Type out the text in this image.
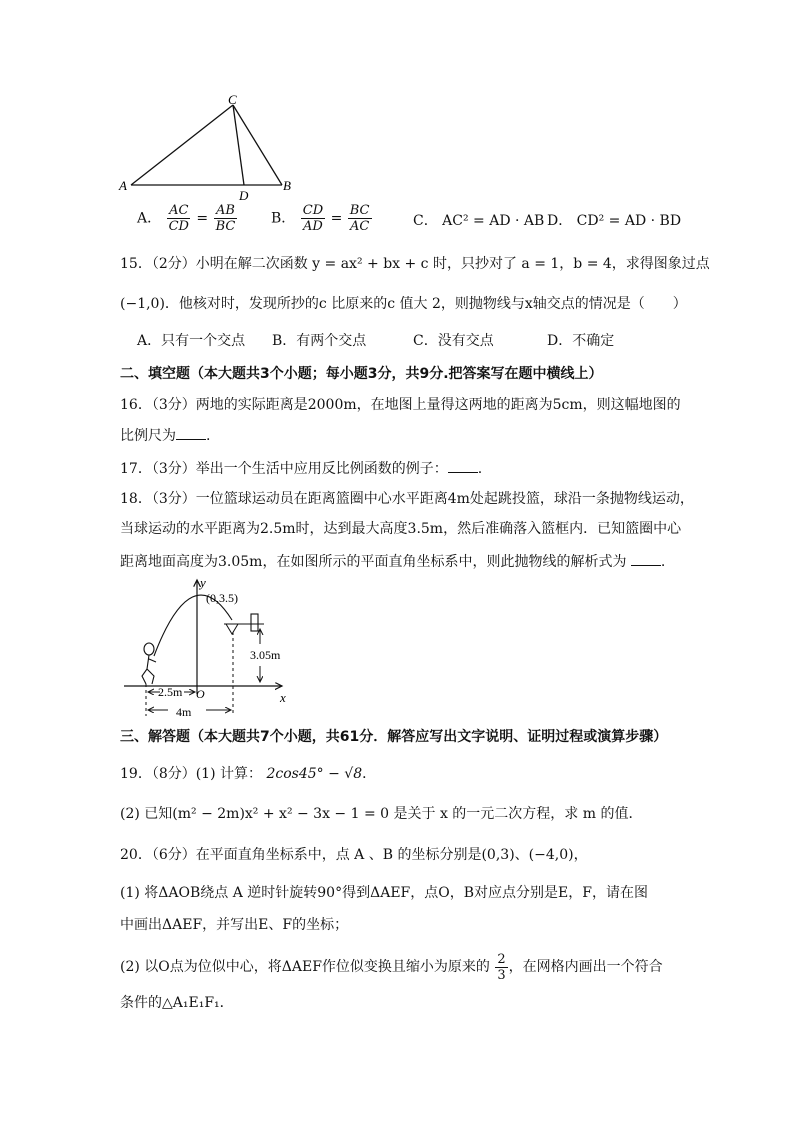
C
A	B
D
A． $\frac{AC}{CD} = \frac{AB}{BC}$ B． $\frac{CD}{AD} = \frac{BC}{AC}$	C． AC² = AD · AB D． CD² = AD · BD
15．（2分）小明在解二次函数 y = ax² + bx + c 时，只抄对了 a = 1，b = 4，求得图象过点
(−1,0)．他核对时，发现所抄的c 比原来的c 值大 2，则抛物线与x轴交点的情况是（　　）
A．只有一个交点 B．有两个交点	C．没有交点	D．不确定
二、填空题（本大题共3个小题；每小题3分，共9分.把答案写在题中横线上）
16．（3分）两地的实际距离是2000m，在地图上量得这两地的距离为5cm，则这幅地图的
比例尺为 .
17．（3分）举出一个生活中应用反比例函数的例子： .
18．（3分）一位篮球运动员在距离篮圈中心水平距离4m处起跳投篮，球沿一条抛物线运动，
当球运动的水平距离为2.5m时，达到最大高度3.5m，然后准确落入篮框内．已知篮圈中心
距离地面高度为3.05m，在如图所示的平面直角坐标系中，则此抛物线的解析式为 .
y
x
O
(0,3.5)
3.05m
2.5m
4m
三、解答题（本大题共7个小题，共61分．解答应写出文字说明、证明过程或演算步骤）
19．（8分）(1) 计算： 2cos45° − √8．
(2) 已知(m² − 2m)x² + x² − 3x − 1 = 0 是关于 x 的一元二次方程，求 m 的值．
20．（6分）在平面直角坐标系中，点 A 、B 的坐标分别是(0,3)、(−4,0)，
(1) 将ΔAOB绕点 A 逆时针旋转90°得到ΔAEF，点O，B对应点分别是E，F，请在图
中画出ΔAEF，并写出E、F的坐标；
(2) 以O点为位似中心，将ΔAEF作位似变换且缩小为原来的 $\frac{2}{3}$ ，在网格内画出一个符合
条件的△A₁E₁F₁．
